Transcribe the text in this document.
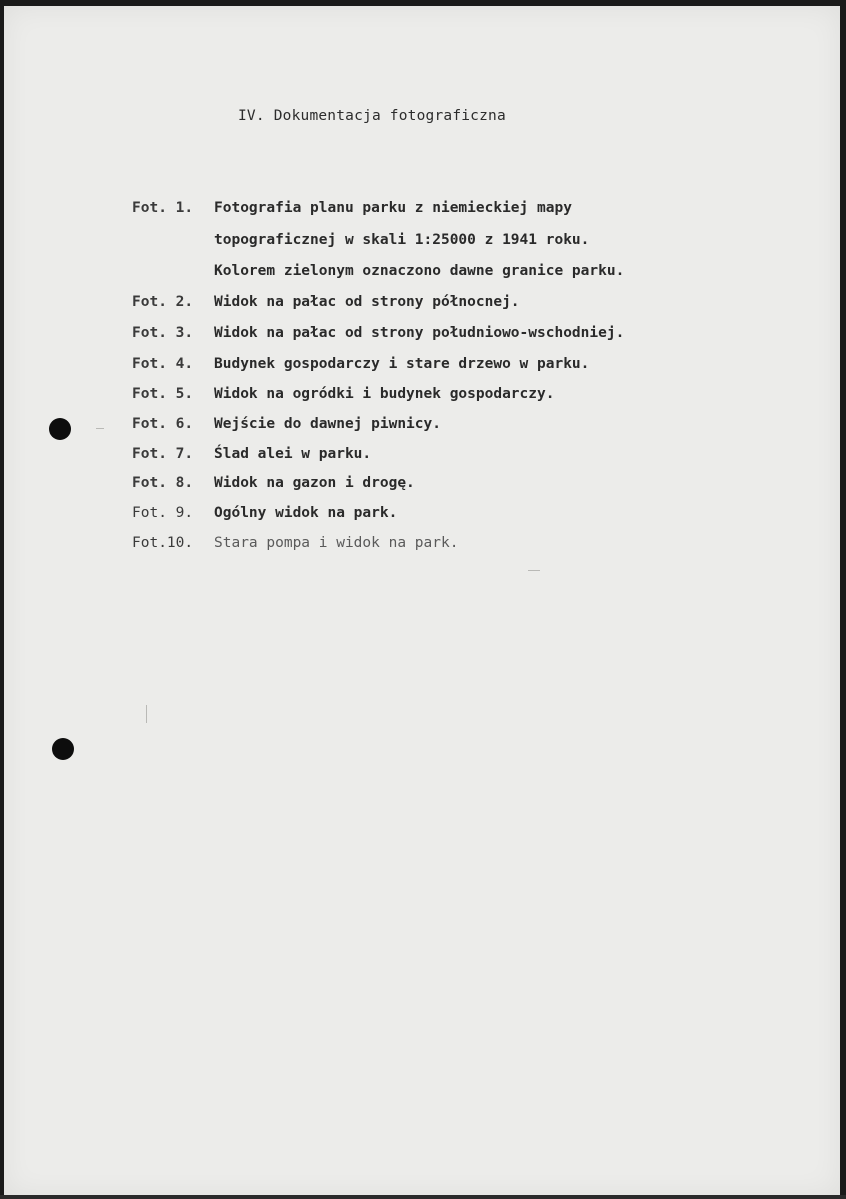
IV. Dokumentacja fotograficzna
Fot. 1.	Fotografia planu parku z niemieckiej mapy
topograficznej w skali 1:25000 z 1941 roku.
Kolorem zielonym oznaczono dawne granice parku.
Fot. 2.	Widok na pałac od strony północnej.
Fot. 3.	Widok na pałac od strony południowo-wschodniej.
Fot. 4.	Budynek gospodarczy i stare drzewo w parku.
Fot. 5.	Widok na ogródki i budynek gospodarczy.
Fot. 6.	Wejście do dawnej piwnicy.
Fot. 7.	Ślad alei w parku.
Fot. 8.	Widok na gazon i drogę.
Fot. 9.	Ogólny widok na park.
Fot.10.	Stara pompa i widok na park.
